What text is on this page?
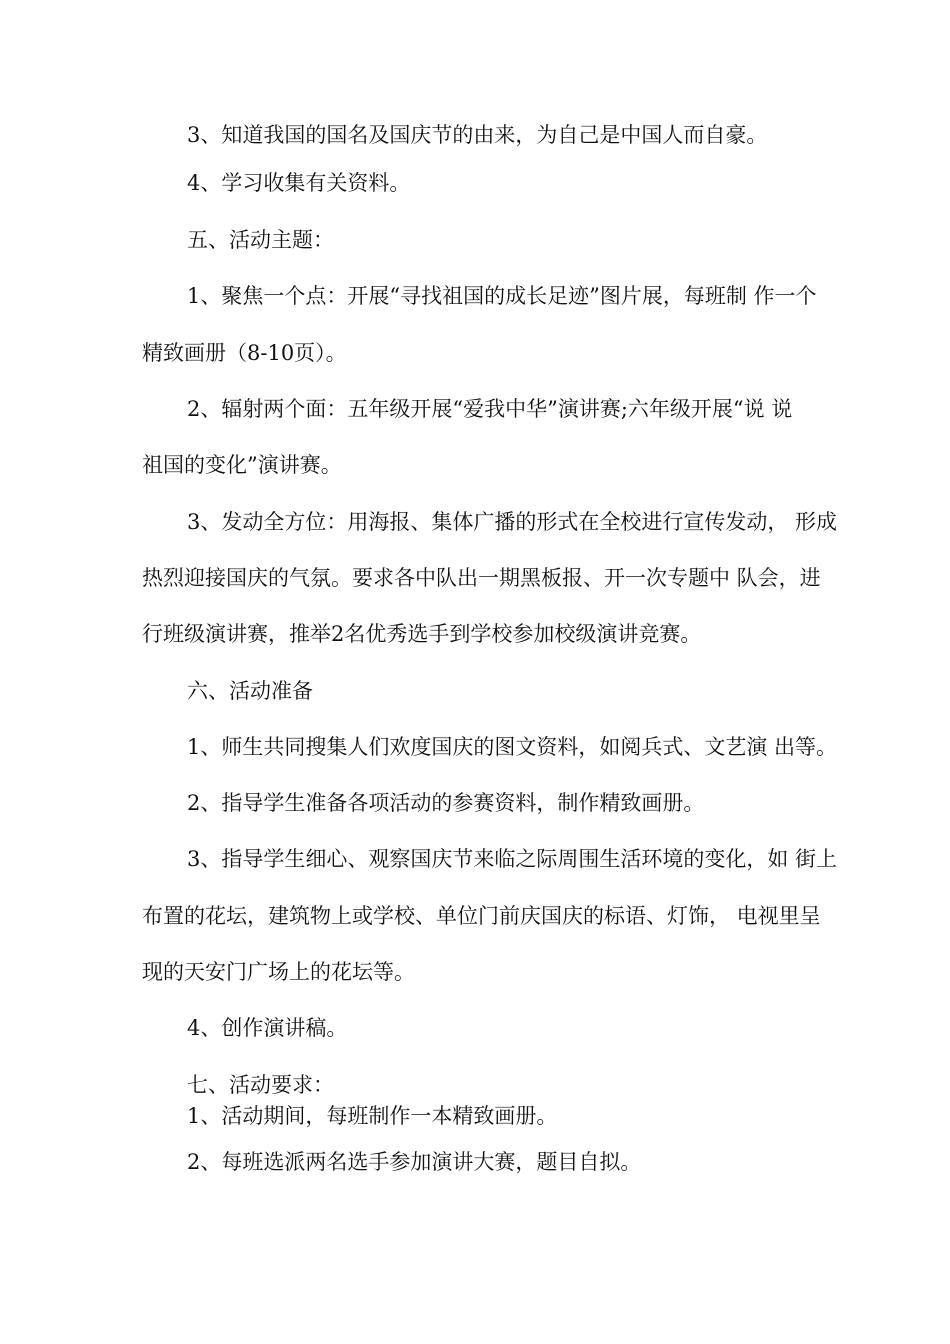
3、知道我国的国名及国庆节的由来，为自己是中国人而自豪。
4、学习收集有关资料。
五、活动主题：
1、聚焦一个点：开展“寻找祖国的成长足迹”图片展，每班制 作一个
精致画册（8-10页）。
2、辐射两个面：五年级开展“爱我中华”演讲赛;六年级开展“说 说
祖国的变化”演讲赛。
3、发动全方位：用海报、集体广播的形式在全校进行宣传发动， 形成
热烈迎接国庆的气氛。要求各中队出一期黑板报、开一次专题中 队会，进
行班级演讲赛，推举2名优秀选手到学校参加校级演讲竞赛。
六、活动准备
1、师生共同搜集人们欢度国庆的图文资料，如阅兵式、文艺演 出等。
2、指导学生准备各项活动的参赛资料，制作精致画册。
3、指导学生细心、观察国庆节来临之际周围生活环境的变化，如 街上
布置的花坛，建筑物上或学校、单位门前庆国庆的标语、灯饰， 电视里呈
现的天安门广场上的花坛等。
4、创作演讲稿。
七、活动要求：
1、活动期间，每班制作一本精致画册。
2、每班选派两名选手参加演讲大赛，题目自拟。
